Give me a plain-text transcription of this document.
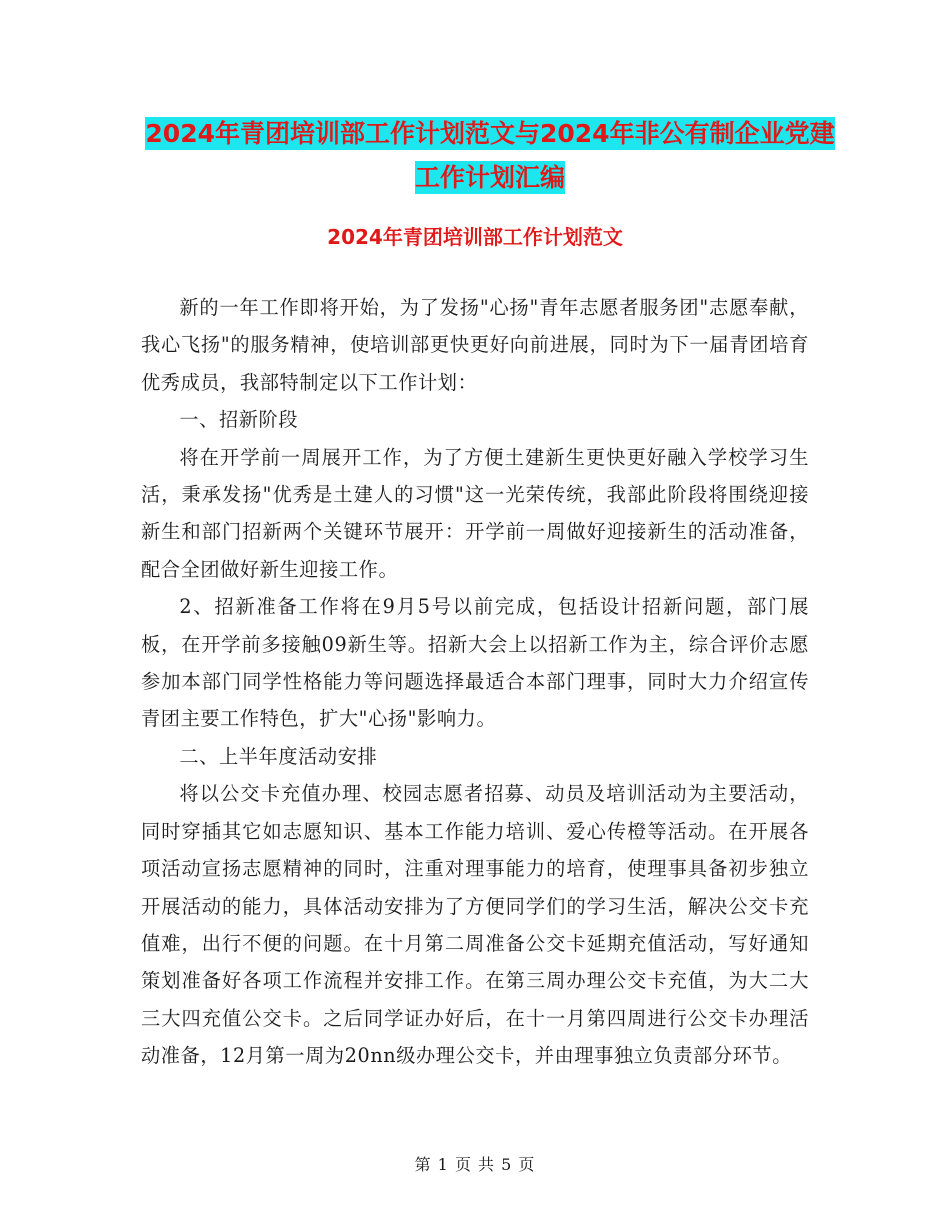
2024年青团培训部工作计划范文与2024年非公有制企业党建工作计划汇编
2024年青团培训部工作计划范文

新的一年工作即将开始，为了发扬"心扬"青年志愿者服务团"志愿奉献，我心飞扬"的服务精神，使培训部更快更好向前进展，同时为下一届青团培育优秀成员，我部特制定以下工作计划：

一、招新阶段

将在开学前一周展开工作，为了方便土建新生更快更好融入学校学习生活，秉承发扬"优秀是土建人的习惯"这一光荣传统，我部此阶段将围绕迎接新生和部门招新两个关键环节展开：开学前一周做好迎接新生的活动准备，配合全团做好新生迎接工作。

2、招新准备工作将在9月5号以前完成，包括设计招新问题，部门展板，在开学前多接触09新生等。招新大会上以招新工作为主，综合评价志愿参加本部门同学性格能力等问题选择最适合本部门理事，同时大力介绍宣传青团主要工作特色，扩大"心扬"影响力。

二、上半年度活动安排

将以公交卡充值办理、校园志愿者招募、动员及培训活动为主要活动，同时穿插其它如志愿知识、基本工作能力培训、爱心传橙等活动。在开展各项活动宣扬志愿精神的同时，注重对理事能力的培育，使理事具备初步独立开展活动的能力，具体活动安排为了方便同学们的学习生活，解决公交卡充值难，出行不便的问题。在十月第二周准备公交卡延期充值活动，写好通知策划准备好各项工作流程并安排工作。在第三周办理公交卡充值，为大二大三大四充值公交卡。之后同学证办好后，在十一月第四周进行公交卡办理活动准备，12月第一周为20nn级办理公交卡，并由理事独立负责部分环节。

第 1 页 共 5 页
